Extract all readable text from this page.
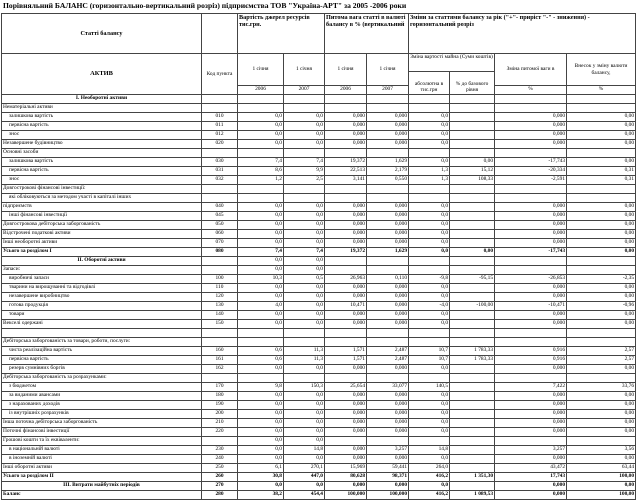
Порівняльний БАЛАНС (горизонтально-вертикальний розріз) підприємства ТОВ "Україна-АРТ" за 2005 -2006 роки
Статті балансу		Вартість джерел ресурсів
тис.грн.		Питома вага статті в валюті балансу в % (вертикальний		Зміни за статтями балансу за рік ("+"- приріст "-" - зниження) - горизонтальний розріз			
АКТИВ	Код пункта	1 січня	1 січня	1 січня	1 січня	Зміна вартості майна (Суми коштів)		Зміна питомої ваги в	Внесок у зміну валюти балансу,
						абсолютна в тис.грн	% до базового рівня		
		2006	2007	2006	2007			%	%
І. Необоротні активи									
Нематеріальні активи									
залишкова вартість	010	0,0	0,0	0,000	0,000	0,0		0,000	0,00
первісна вартість	011	0,0	0,0	0,000	0,000	0,0		0,000	0,00
знос	012	0,0	0,0	0,000	0,000	0,0		0,000	0,00
Незавершене будівництво	020	0,0	0,0	0,000	0,000	0,0		0,000	0,00
Основні засоби									
залишкова вартість	030	7,4	7,4	19,372	1,629	0,0	0,00	-17,743	0,00
первісна вартість	031	8,6	9,9	22,513	2,179	1,3	15,12	-20,334	0,31
знос	032	1,2	2,5	3,141	0,550	1,3	108,33	-2,591	0,31
Довгострокові фінансові інвестиції:									
які обліковуються за методом участі в капіталі інших									
підприємств	040	0,0	0,0	0,000	0,000	0,0		0,000	0,00
інші фінансові інвестиції	045	0,0	0,0	0,000	0,000	0,0		0,000	0,00
Довгострокова дебіторська заборгованість	050	0,0	0,0	0,000	0,000	0,0		0,000	0,00
Відстрочені податкові активи	060	0,0	0,0	0,000	0,000	0,0		0,000	0,00
Інші необоротні активи	070	0,0	0,0	0,000	0,000	0,0		0,000	0,00
Усього за розділом І	080	7,4	7,4	19,372	1,629	0,0	0,00	-17,743	0,00
ІІ. Оборотні активи		0,0	0,0						
Запаси:		0,0	0,0						
виробничі запаси	100	10,3	0,5	26,963	0,110	-9,8	-95,15	-26,853	-2,35
тварини на вирощуванні та відгодівлі	110	0,0	0,0	0,000	0,000	0,0		0,000	0,00
незавершене виробництво	120	0,0	0,0	0,000	0,000	0,0		0,000	0,00
готова продукція	130	4,0	0,0	10,471	0,000	-4,0	-100,00	-10,471	-0,96
товари	140	0,0	0,0	0,000	0,000	0,0		0,000	0,00
Векселі одержані	150	0,0	0,0	0,000	0,000	0,0		0,000	0,00

Дебіторська заборгованість за товари, роботи, послуги:									
чиста реалізаційна вартість	160	0,6	11,3	1,571	2,487	10,7	1 783,33	0,916	2,57
первісна вартість	161	0,6	11,3	1,571	2,487	10,7	1 783,33	0,916	2,57
резерв сумнівних боргів	162	0,0	0,0	0,000	0,000	0,0		0,000	0,00
Дебіторська заборгованість за розрахунками:									
з бюджетом	170	9,8	150,3	25,654	33,077	140,5		7,422	33,76
за виданими авансами	180	0,0	0,0	0,000	0,000	0,0		0,000	0,00
з нарахованих доходів	190	0,0	0,0	0,000	0,000	0,0		0,000	0,00
із внутрішніх розрахунків	200	0,0	0,0	0,000	0,000	0,0		0,000	0,00
Інша поточна дебіторська заборгованість	210	0,0	0,0	0,000	0,000	0,0		0,000	0,00
Поточні фінансові інвестиції	220	0,0	0,0	0,000	0,000	0,0		0,000	0,00
Грошові кошти та їх еквіваленти:		0,0	0,0						
в національній валюті	230	0,0	14,8	0,000	3,257	14,8		3,257	3,56
в іноземній валюті	240	0,0	0,0	0,000	0,000	0,0		0,000	0,00
Інші оборотні активи	250	6,1	270,1	15,969	59,441	264,0		43,472	63,44
Усього за розділом ІІ	260	30,8	447,0	80,628	98,371	416,2	1 351,30	17,743	100,00
ІІІ. Витрати майбутніх періодів	270	0,0	0,0	0,000	0,000	0,0		0,000	0,00
Баланс	280	38,2	454,4	100,000	100,000	416,2	1 089,53	0,000	100,00
